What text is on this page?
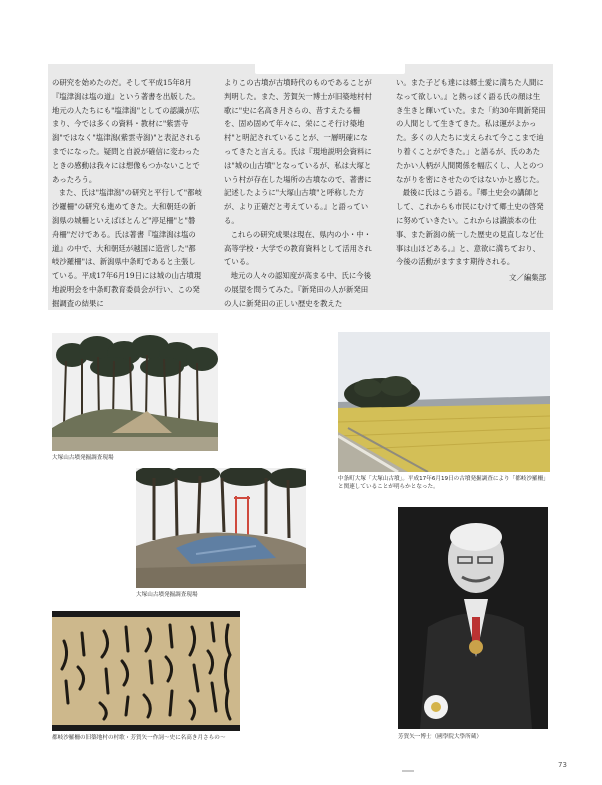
の研究を始めたのだ。そして平成15年8月『塩津潟は塩の道』という著書を出版した。地元の人たちにも"塩津潟"としての認識が広まり、今では多くの資料・教材に"紫雲寺潟"ではなく"塩津潟(紫雲寺潟)"と表記されるまでになった。疑問と自説が確信に変わったときの感動は我々には想像もつかないことであったろう。

また、氏は"塩津潟"の研究と平行して"都岐沙羅柵"の研究も進めてきた。大和朝廷の新潟県の城柵といえばほとんど"渟足柵"と"磐舟柵"だけである。氏は著書『塩津潟は塩の道』の中で、大和朝廷が越国に造営した"都岐沙羅柵"は、新潟県中条町であると主張している。平成17年6月19日には城の山古墳現地説明会を中条町教育委員会が行い、この発掘調査の結果に

よりこの古墳が古墳時代のものであることが判明した。また、芳賀矢一博士が旧築地村村歌に"史に名高き月さらの、昔すえたる柵を、固め固めて年々に、栄にこそ行け築地村"と明記されていることが、一層明確になってきたと言える。氏は『現地説明会資料には"城の山古墳"となっているが、私は大塚という村が存在した場所の古墳なので、著書に記述したように"大塚山古墳"と呼称した方が、より正確だと考えている。』と語っている。

これらの研究成果は現在、県内の小・中・高等学校・大学での教育資料として活用されている。

地元の人々の認知度が高まる中、氏に今後の展望を問うてみた。『新発田の人が新発田の人に新発田の正しい歴史を教えた

い。また子ども達には郷土愛に満ちた人間になって欲しい。』と熱っぽく語る氏の顔は生き生きと輝いていた。また「約30年間新発田の人間として生きてきた。私は運がよかった。多くの人たちに支えられて今ここまで辿り着くことができた。」と語るが、氏のあたたかい人柄が人間関係を幅広くし、人とのつながりを密にさせたのではないかと感じた。

最後に氏はこう語る。『郷土史会の講師として、これからも市民にむけて郷土史の啓発に努めていきたい。これからは讃談本の仕事、また新潟の統一した歴史の見直しなど仕事は山ほどある。』と、意欲に満ちており、今後の活動がますます期待される。

文／編集部

大塚山古墳発掘調査現場
中条町大塚「大塚山古墳」。平成17年6月19日の古墳発掘調査により「都岐沙羅柵」と関連していることが明らかとなった。
大塚山古墳発掘調査現場
芳賀矢一博士（國學院大學所蔵）
都岐沙羅柵の旧築地村の村歌・芳賀矢一作詞～史に名高き月さらの～
73
